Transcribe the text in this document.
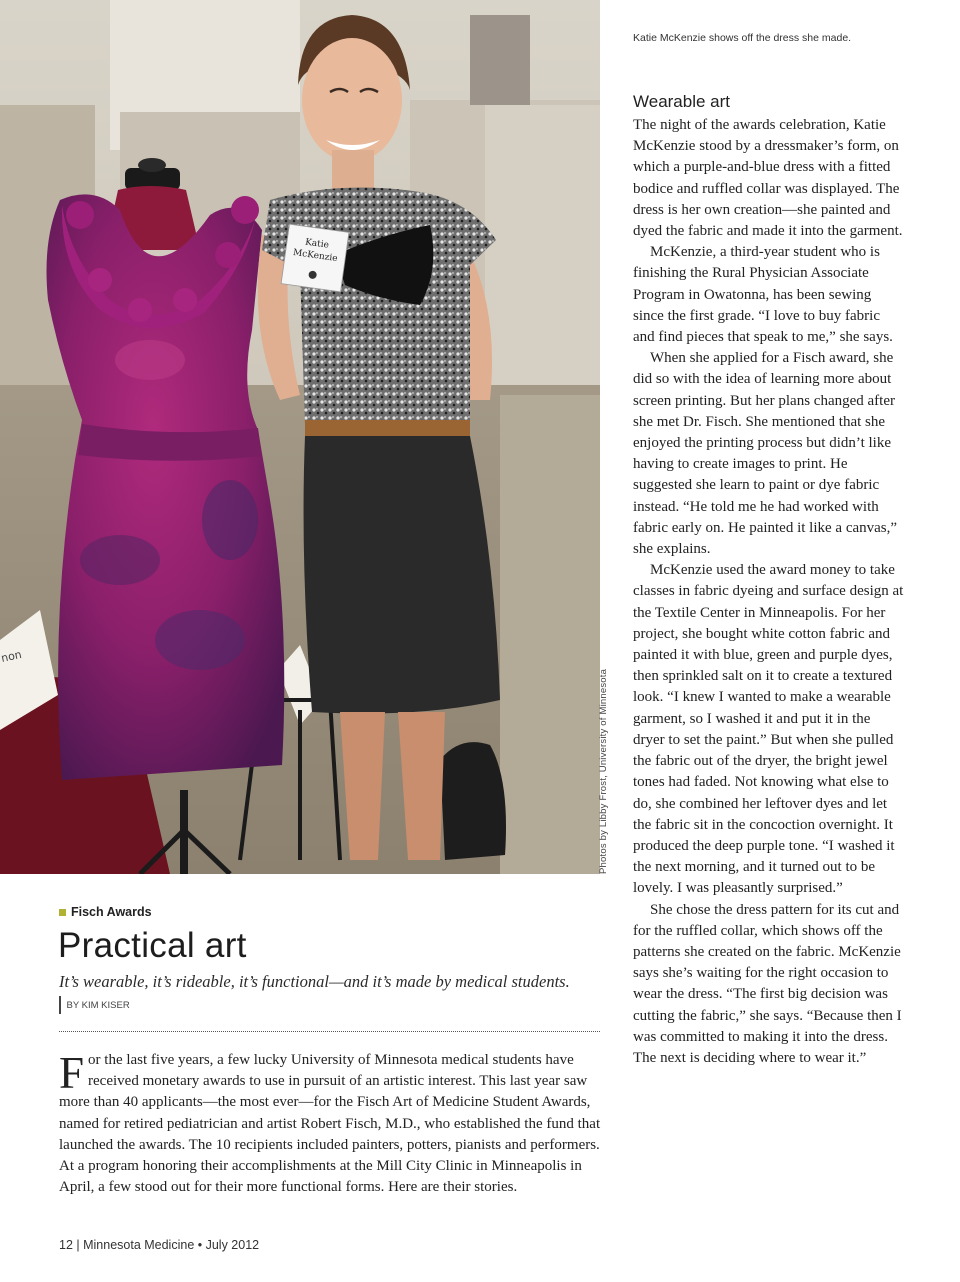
non
Katie
McKenzie
Photos by Libby Frost, University of Minnesota
Katie McKenzie shows off the dress she made.
Wearable art

The night of the awards celebration, Katie McKenzie stood by a dressmaker’s form, on which a purple-and-blue dress with a fitted bodice and ruffled collar was displayed. The dress is her own creation—she painted and dyed the fabric and made it into the garment.

McKenzie, a third-year student who is finishing the Rural Physician Associate Program in Owatonna, has been sewing since the first grade. “I love to buy fabric and find pieces that speak to me,” she says.

When she applied for a Fisch award, she did so with the idea of learning more about screen printing. But her plans changed after she met Dr. Fisch. She mentioned that she enjoyed the printing process but didn’t like having to create images to print. He suggested she learn to paint or dye fabric instead. “He told me he had worked with fabric early on. He painted it like a canvas,” she explains.

McKenzie used the award money to take classes in fabric dyeing and surface design at the Textile Center in Minneapolis. For her project, she bought white cotton fabric and painted it with blue, green and purple dyes, then sprinkled salt on it to create a textured look. “I knew I wanted to make a wearable garment, so I washed it and put it in the dryer to set the paint.” But when she pulled the fabric out of the dryer, the bright jewel tones had faded. Not knowing what else to do, she combined her leftover dyes and let the fabric sit in the concoction overnight. It produced the deep purple tone. “I washed it the next morning, and it turned out to be lovely. I was pleasantly surprised.”

She chose the dress pattern for its cut and for the ruffled collar, which shows off the patterns she created on the fabric. McKenzie says she’s waiting for the right occasion to wear the dress. “The first big decision was cutting the fabric,” she says. “Because then I was committed to making it into the dress. The next is deciding where to wear it.”

Fisch Awards
Practical art
It’s wearable, it’s rideable, it’s functional—and it’s made by medical students.
BY KIM KISER

For the last five years, a few lucky University of Minnesota medical students have received monetary awards to use in pursuit of an artistic interest. This last year saw more than 40 applicants—the most ever—for the Fisch Art of Medicine Student Awards, named for retired pediatrician and artist Robert Fisch, M.D., who established the fund that launched the awards. The 10 recipients included painters, potters, pianists and performers. At a program honoring their accomplishments at the Mill City Clinic in Minneapolis in April, a few stood out for their more functional forms. Here are their stories.

12 | Minnesota Medicine • July 2012
